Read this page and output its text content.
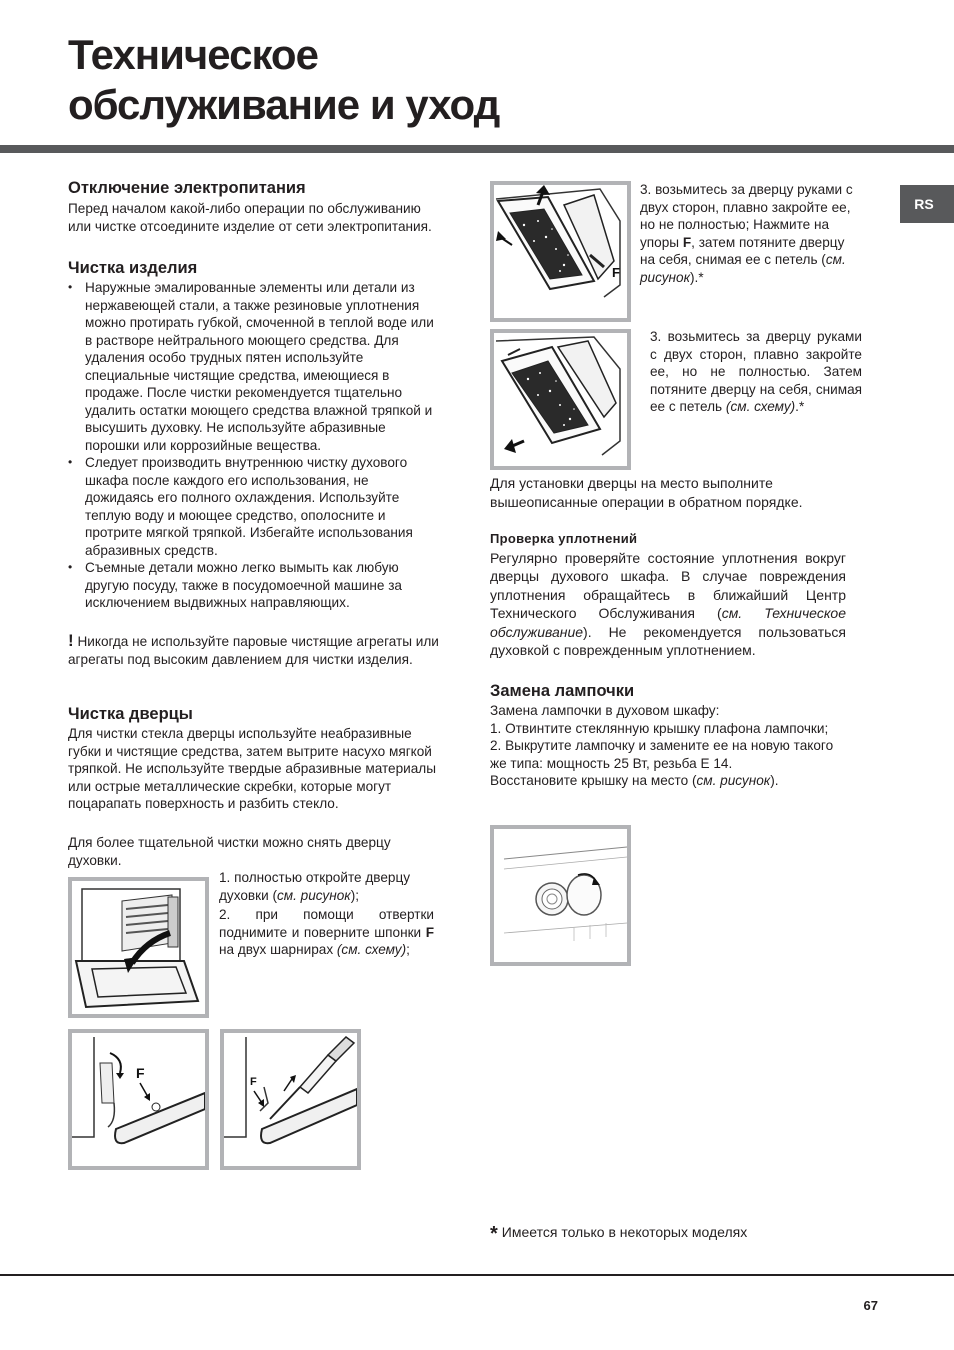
Техническое
обслуживание и уход
RS
Отключение электропитания

Перед началом какой-либо операции по обслуживанию или чистке отсоедините изделие от сети электропитания.

Чистка изделия
• Наружные эмалированные элементы или детали из нержавеющей стали, а также резиновые уплотнения можно протирать губкой, смоченной в теплой воде или в растворе нейтрального моющего средства. Для удаления особо трудных пятен используйте специальные чистящие средства, имеющиеся в продаже. После чистки рекомендуется тщательно удалить остатки моющего средства влажной тряпкой и высушить духовку. Не используйте абразивные порошки или коррозийные вещества.
• Следует производить внутреннюю чистку духового шкафа после каждого его использования, не дожидаясь его полного охлаждения. Используйте теплую воду и моющее средство, ополосните и протрите мягкой тряпкой. Избегайте использования абразивных средств.
• Съемные детали можно легко вымыть как любую другую посуду, также в посудомоечной машине за исключением выдвижных направляющих.

! Никогда не используйте паровые чистящие агрегаты или агрегаты под высоким давлением для чистки изделия.

Чистка дверцы

Для чистки стекла дверцы используйте неабразивные губки и чистящие средства, затем вытрите насухо мягкой тряпкой. Не используйте твердые абразивные материалы или острые металлические скребки, которые могут поцарапать поверхность и разбить стекло.

Для более тщательной чистки можно снять дверцу духовки.

1. полностью откройте дверцу духовки (см. рисунок);

2. при помощи отвертки поднимите и поверните шпонки F на двух шарнирах (см. схему);

F
F
F

3. возьмитесь за дверцу руками с двух сторон, плавно закройте ее, но не полностью; Нажмите на упоры F, затем потяните дверцу на себя, снимая ее с петель (см. рисунок).*

3. возьмитесь за дверцу руками с двух сторон, плавно закройте ее, но не полностью. Затем потяните дверцу на себя, снимая ее с петель (см. схему).*

Для установки дверцы на место выполните вышеописанные операции в обратном порядке.

Проверка уплотнений

Регулярно проверяйте состояние уплотнения вокруг дверцы духового шкафа. В случае повреждения уплотнения обращайтесь в ближайший Центр Технического Обслуживания (см. Техническое обслуживание). Не рекомендуется пользоваться духовкой с поврежденным уплотнением.

Замена лампочки

Замена лампочки в духовом шкафу:

1. Отвинтите стеклянную крышку плафона лампочки;

2. Выкрутите лампочку и замените ее на новую такого же типа: мощность 25 Вт, резьба Е 14.

Восстановите крышку на место (см. рисунок).

* Имеется только в некоторых моделях
67
